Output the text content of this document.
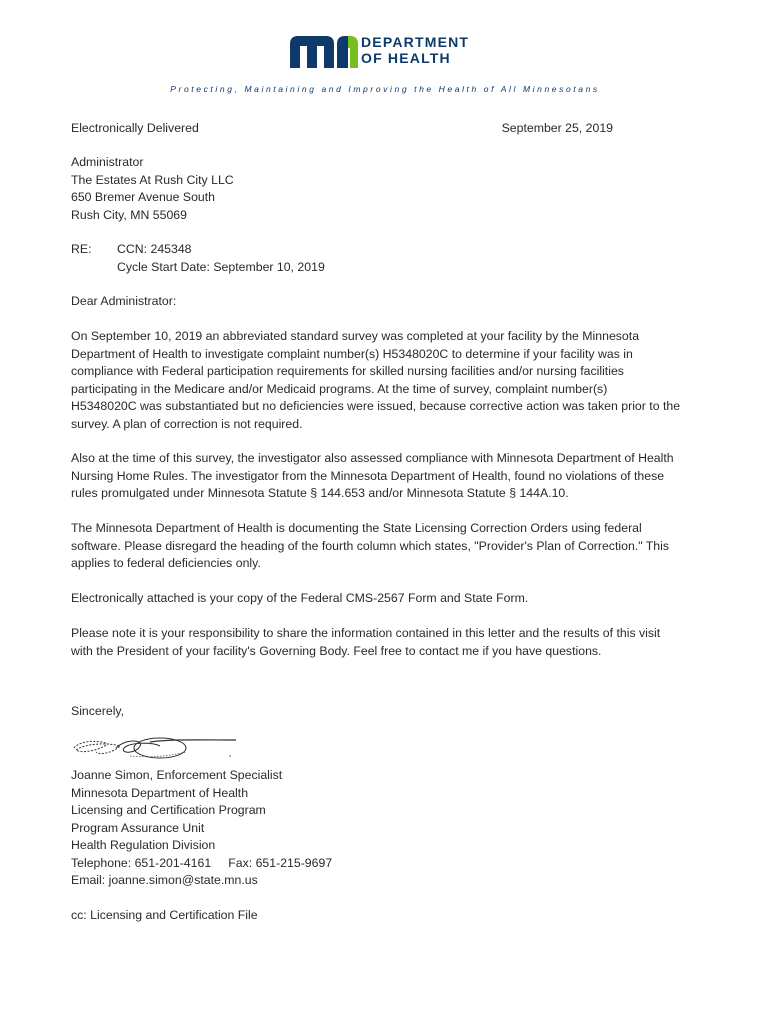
DEPARTMENT
OF HEALTH
Protecting, Maintaining and Improving the Health of All Minnesotans
Electronically Delivered	September 25, 2019
Administrator
The Estates At Rush City LLC
650 Bremer Avenue South
Rush City, MN 55069
RE: CCN: 245348
Cycle Start Date: September 10, 2019
Dear Administrator:
On September 10, 2019 an abbreviated standard survey was completed at your facility by the Minnesota
Department of Health to investigate complaint number(s) H5348020C to determine if your facility was in
compliance with Federal participation requirements for skilled nursing facilities and/or nursing facilities
participating in the Medicare and/or Medicaid programs. At the time of survey, complaint number(s)
H5348020C was substantiated but no deficiencies were issued, because corrective action was taken prior to the
survey. A plan of correction is not required.
Also at the time of this survey, the investigator also assessed compliance with Minnesota Department of Health
Nursing Home Rules. The investigator from the Minnesota Department of Health, found no violations of these
rules promulgated under Minnesota Statute § 144.653 and/or Minnesota Statute § 144A.10.
The Minnesota Department of Health is documenting the State Licensing Correction Orders using federal
software. Please disregard the heading of the fourth column which states, "Provider's Plan of Correction." This
applies to federal deficiencies only.
Electronically attached is your copy of the Federal CMS-2567 Form and State Form.
Please note it is your responsibility to share the information contained in this letter and the results of this visit
with the President of your facility's Governing Body. Feel free to contact me if you have questions.
Sincerely,
Joanne Simon, Enforcement Specialist
Minnesota Department of Health
Licensing and Certification Program
Program Assurance Unit
Health Regulation Division
Telephone: 651-201-4161     Fax: 651-215-9697
Email: joanne.simon@state.mn.us
cc: Licensing and Certification File
